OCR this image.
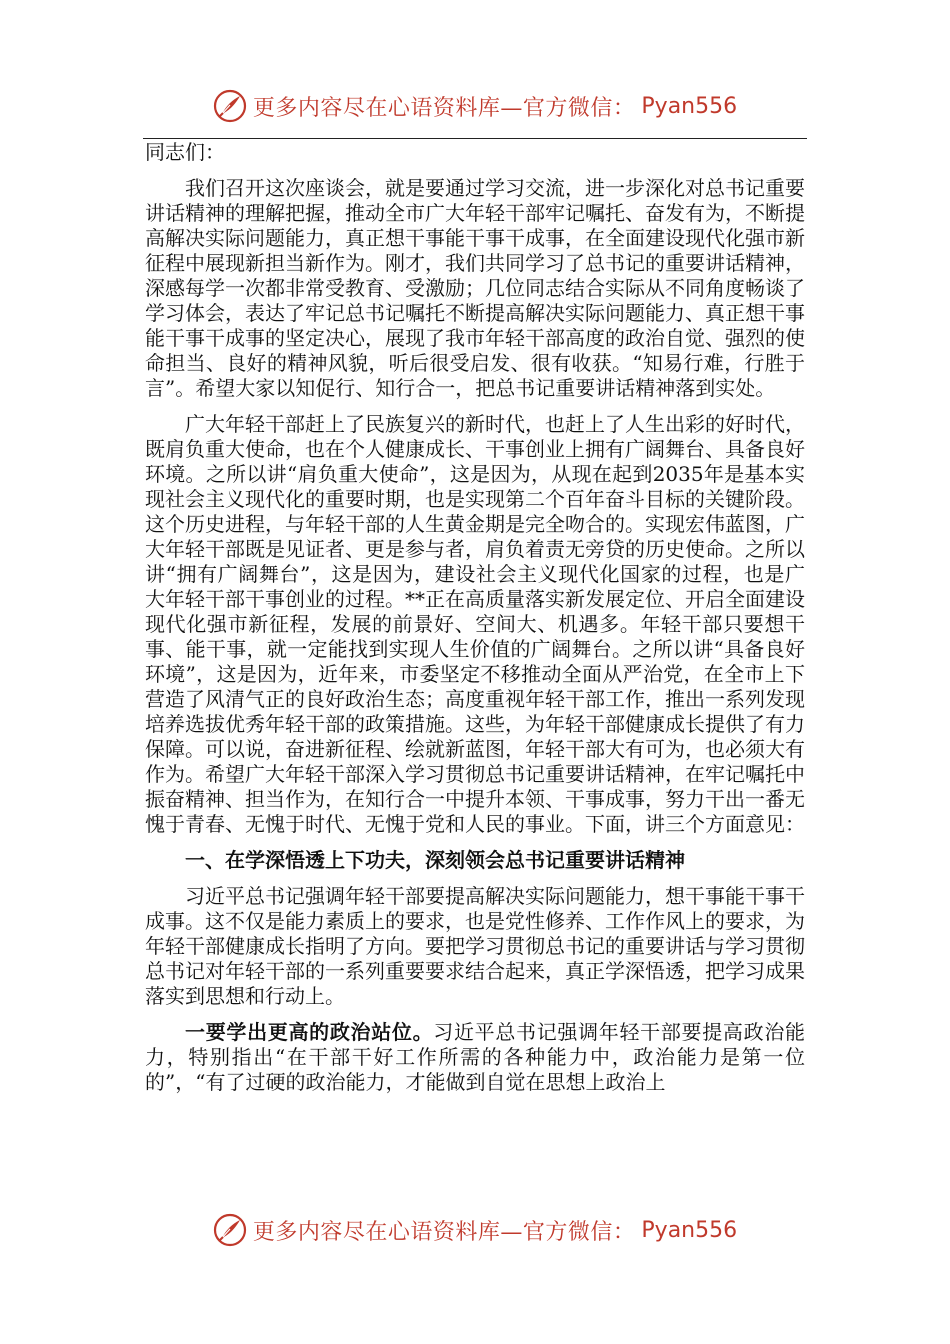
更多内容尽在心语资料库—官方微信： Pyan556

同志们：

我们召开这次座谈会，就是要通过学习交流，进一步深化对总书记重要讲话精神的理解把握，推动全市广大年轻干部牢记嘱托、奋发有为，不断提高解决实际问题能力，真正想干事能干事干成事，在全面建设现代化强市新征程中展现新担当新作为。刚才，我们共同学习了总书记的重要讲话精神，深感每学一次都非常受教育、受激励；几位同志结合实际从不同角度畅谈了学习体会，表达了牢记总书记嘱托不断提高解决实际问题能力、真正想干事能干事干成事的坚定决心，展现了我市年轻干部高度的政治自觉、强烈的使命担当、良好的精神风貌，听后很受启发、很有收获。“知易行难，行胜于言”。希望大家以知促行、知行合一，把总书记重要讲话精神落到实处。

广大年轻干部赶上了民族复兴的新时代，也赶上了人生出彩的好时代，既肩负重大使命，也在个人健康成长、干事创业上拥有广阔舞台、具备良好环境。之所以讲“肩负重大使命”，这是因为，从现在起到2035年是基本实现社会主义现代化的重要时期，也是实现第二个百年奋斗目标的关键阶段。这个历史进程，与年轻干部的人生黄金期是完全吻合的。实现宏伟蓝图，广大年轻干部既是见证者、更是参与者，肩负着责无旁贷的历史使命。之所以讲“拥有广阔舞台”，这是因为，建设社会主义现代化国家的过程，也是广大年轻干部干事创业的过程。**正在高质量落实新发展定位、开启全面建设现代化强市新征程，发展的前景好、空间大、机遇多。年轻干部只要想干事、能干事，就一定能找到实现人生价值的广阔舞台。之所以讲“具备良好环境”，这是因为，近年来，市委坚定不移推动全面从严治党，在全市上下营造了风清气正的良好政治生态；高度重视年轻干部工作，推出一系列发现培养选拔优秀年轻干部的政策措施。这些，为年轻干部健康成长提供了有力保障。可以说，奋进新征程、绘就新蓝图，年轻干部大有可为，也必须大有作为。希望广大年轻干部深入学习贯彻总书记重要讲话精神，在牢记嘱托中振奋精神、担当作为，在知行合一中提升本领、干事成事，努力干出一番无愧于青春、无愧于时代、无愧于党和人民的事业。下面，讲三个方面意见：

一、在学深悟透上下功夫，深刻领会总书记重要讲话精神

习近平总书记强调年轻干部要提高解决实际问题能力，想干事能干事干成事。这不仅是能力素质上的要求，也是党性修养、工作作风上的要求，为年轻干部健康成长指明了方向。要把学习贯彻总书记的重要讲话与学习贯彻总书记对年轻干部的一系列重要要求结合起来，真正学深悟透，把学习成果落实到思想和行动上。

一要学出更高的政治站位。习近平总书记强调年轻干部要提高政治能力，特别指出“在干部干好工作所需的各种能力中，政治能力是第一位的”，“有了过硬的政治能力，才能做到自觉在思想上政治上

更多内容尽在心语资料库—官方微信： Pyan556
